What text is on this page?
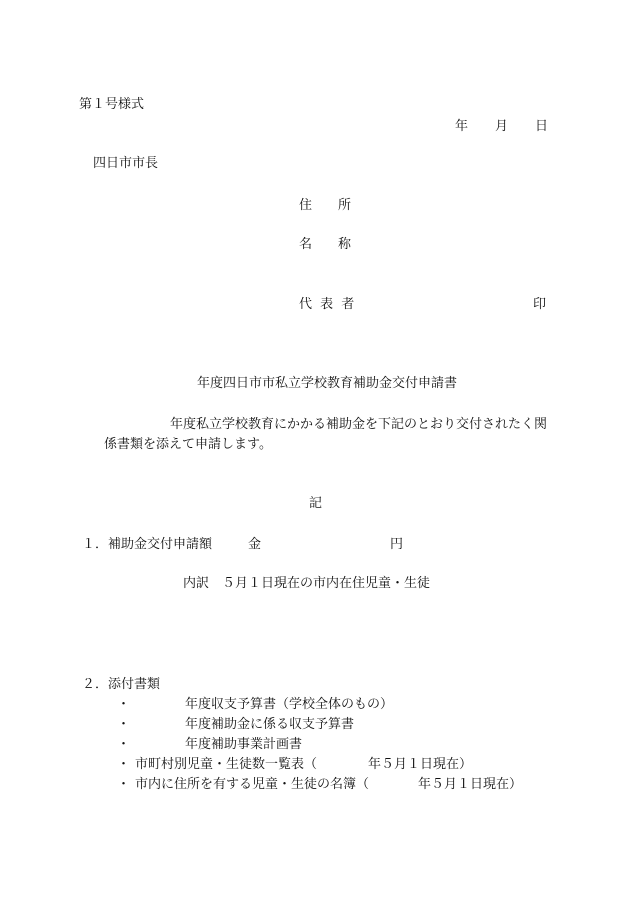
第１号様式
年 月 日
四日市市長
住　　所
名　　称
代 表 者	印
年度四日市市私立学校教育補助金交付申請書
年度私立学校教育にかかる補助金を下記のとおり交付されたく関
係書類を添えて申請します。
記
１．補助金交付申請額	金	円
内訳　５月１日現在の市内在住児童・生徒
２．添付書類
・	年度収支予算書（学校全体のもの）
・	年度補助金に係る収支予算書
・	年度補助事業計画書
・ 市町村別児童・生徒数一覧表（	年５月１日現在）
・ 市内に住所を有する児童・生徒の名簿（	年５月１日現在）
